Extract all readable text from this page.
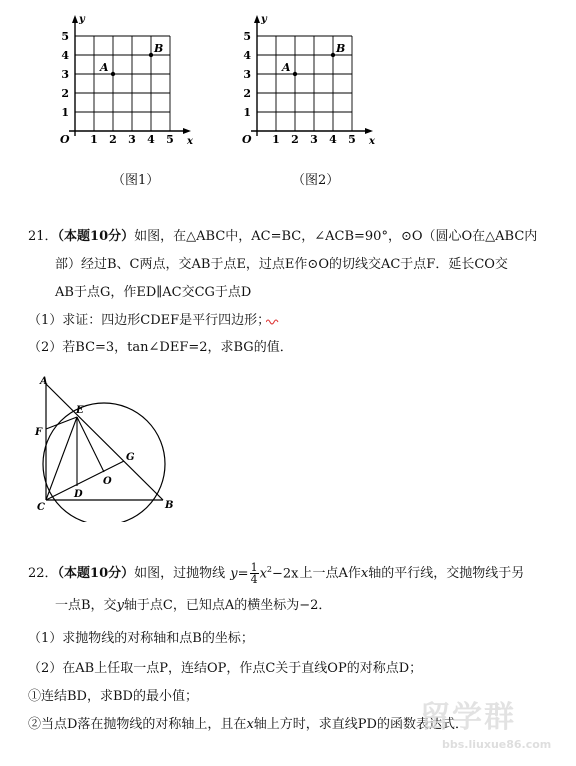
y
x
O 1 2 3 4 5
1
2
3
4
5
A
B
（图1）
y
x
O 1 2 3 4 5
1
2
3
4
5
A
B
（图2）
21．（本题10分）如图，在△ABC中，AC=BC，∠ACB=90°，⊙O（圆心O在△ABC内
部）经过B、C两点，交AB于点E，过点E作⊙O的切线交AC于点F．延长CO交
AB于点G，作ED∥AC交CG于点D
（1）求证：四边形CDEF是平行四边形；
（2）若BC=3，tan∠DEF=2，求BG的值．
A
E
F
G
O
C
D
B
22．（本题10分）如图，过抛物线 $y= \frac{1}{4} x^2-2x$上一点A作x轴的平行线，交抛物线于另
一点B，交y轴于点C，已知点A的横坐标为−2．
（1）求抛物线的对称轴和点B的坐标；
（2）在AB上任取一点P，连结OP，作点C关于直线OP的对称点D；
①连结BD，求BD的最小值；
②当点D落在抛物线的对称轴上，且在x轴上方时，求直线PD的函数表达式．
留学群
bbs.liuxue86.com
